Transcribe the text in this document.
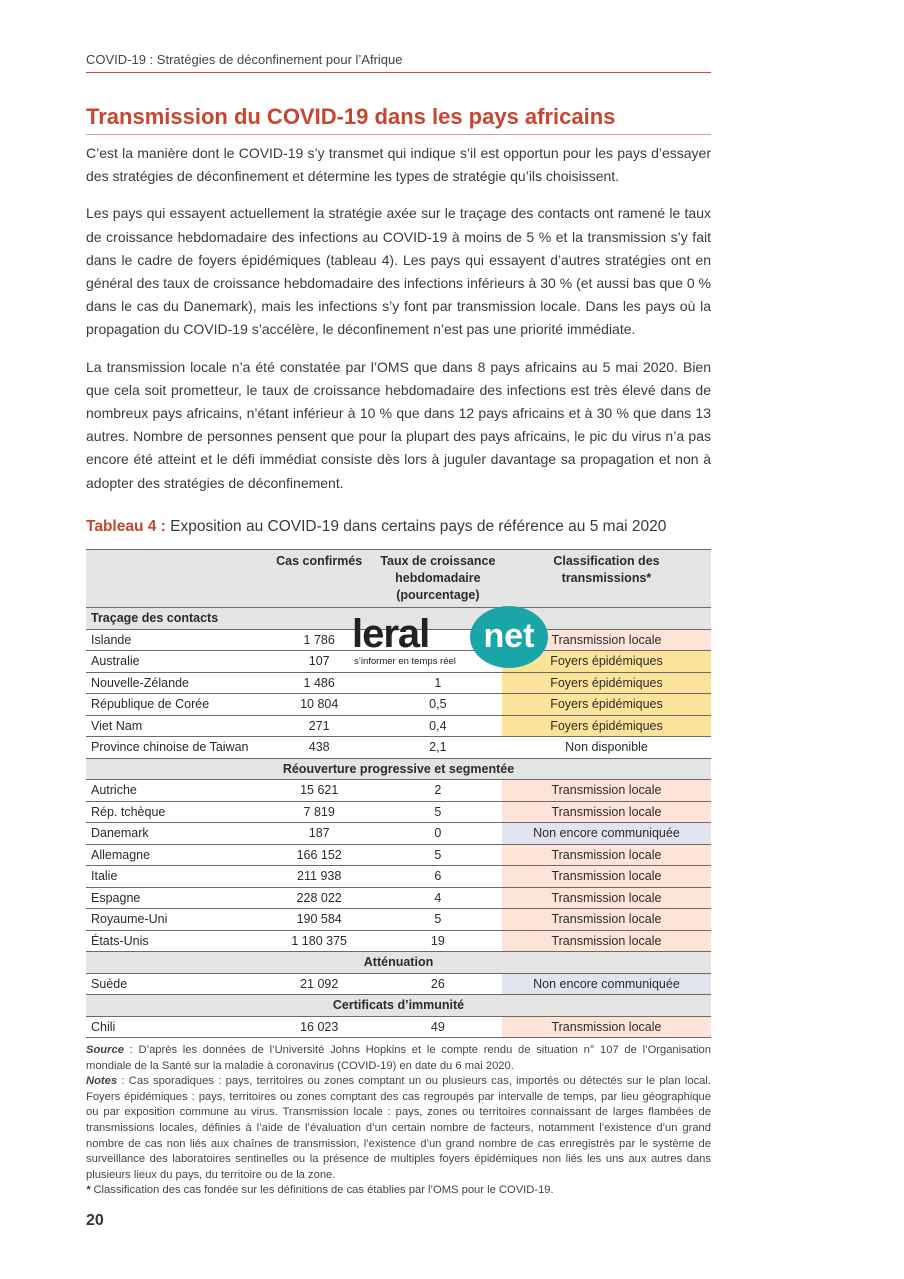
COVID-19 : Stratégies de déconfinement pour l’Afrique
Transmission du COVID-19 dans les pays africains

C’est la manière dont le COVID-19 s’y transmet qui indique s’il est opportun pour les pays d’essayer des stratégies de déconfinement et détermine les types de stratégie qu’ils choisissent.

Les pays qui essayent actuellement la stratégie axée sur le traçage des contacts ont ramené le taux de croissance hebdomadaire des infections au COVID-19 à moins de 5 % et la transmission s’y fait dans le cadre de foyers épidémiques (tableau 4). Les pays qui essayent d’autres stratégies ont en général des taux de croissance hebdomadaire des infections inférieurs à 30 % (et aussi bas que 0 % dans le cas du Danemark), mais les infections s’y font par transmission locale. Dans les pays où la propagation du COVID-19 s’accélère, le déconfinement n’est pas une priorité immédiate.

La transmission locale n’a été constatée par l’OMS que dans 8 pays africains au 5 mai 2020. Bien que cela soit prometteur, le taux de croissance hebdomadaire des infections est très élevé dans de nombreux pays africains, n’étant inférieur à 10 % que dans 12 pays africains et à 30 % que dans 13 autres. Nombre de personnes pensent que pour la plupart des pays africains, le pic du virus n’a pas encore été atteint et le défi immédiat consiste dès lors à juguler davantage sa propagation et non à adopter des stratégies de déconfinement.

Tableau 4 : Exposition au COVID-19 dans certains pays de référence au 5 mai 2020
	Cas confirmés	Taux de croissance hebdomadaire (pourcentage)	Classification des transmissions*
Traçage des contacts			
Islande	1 786		Transmission locale
Australie	107		Foyers épidémiques
Nouvelle-Zélande	1 486	1	Foyers épidémiques
République de Corée	10 804	0,5	Foyers épidémiques
Viet Nam	271	0,4	Foyers épidémiques
Province chinoise de Taiwan	438	2,1	Non disponible
Réouverture progressive et segmentée			
Autriche	15 621	2	Transmission locale
Rép. tchèque	7 819	5	Transmission locale
Danemark	187	0	Non encore communiquée
Allemagne	166 152	5	Transmission locale
Italie	211 938	6	Transmission locale
Espagne	228 022	4	Transmission locale
Royaume-Uni	190 584	5	Transmission locale
États-Unis	1 180 375	19	Transmission locale
Atténuation			
Suède	21 092	26	Non encore communiquée
Certificats d’immunité			
Chili	16 023	49	Transmission locale
leral	net
s’informer en temps réel

Source : D’après les données de l’Université Johns Hopkins et le compte rendu de situation n° 107 de l’Organisation mondiale de la Santé sur la maladie à coronavirus (COVID-19) en date du 6 mai 2020.

Notes : Cas sporadiques : pays, territoires ou zones comptant un ou plusieurs cas, importés ou détectés sur le plan local. Foyers épidémiques : pays, territoires ou zones comptant des cas regroupés par intervalle de temps, par lieu géographique ou par exposition commune au virus. Transmission locale : pays, zones ou territoires connaissant de larges flambées de transmissions locales, définies à l’aide de l’évaluation d’un certain nombre de facteurs, notamment l’existence d’un grand nombre de cas non liés aux chaînes de transmission, l’existence d’un grand nombre de cas enregistrés par le système de surveillance des laboratoires sentinelles ou la présence de multiples foyers épidémiques non liés les uns aux autres dans plusieurs lieux du pays, du territoire ou de la zone.

* Classification des cas fondée sur les définitions de cas établies par l’OMS pour le COVID-19.

20
